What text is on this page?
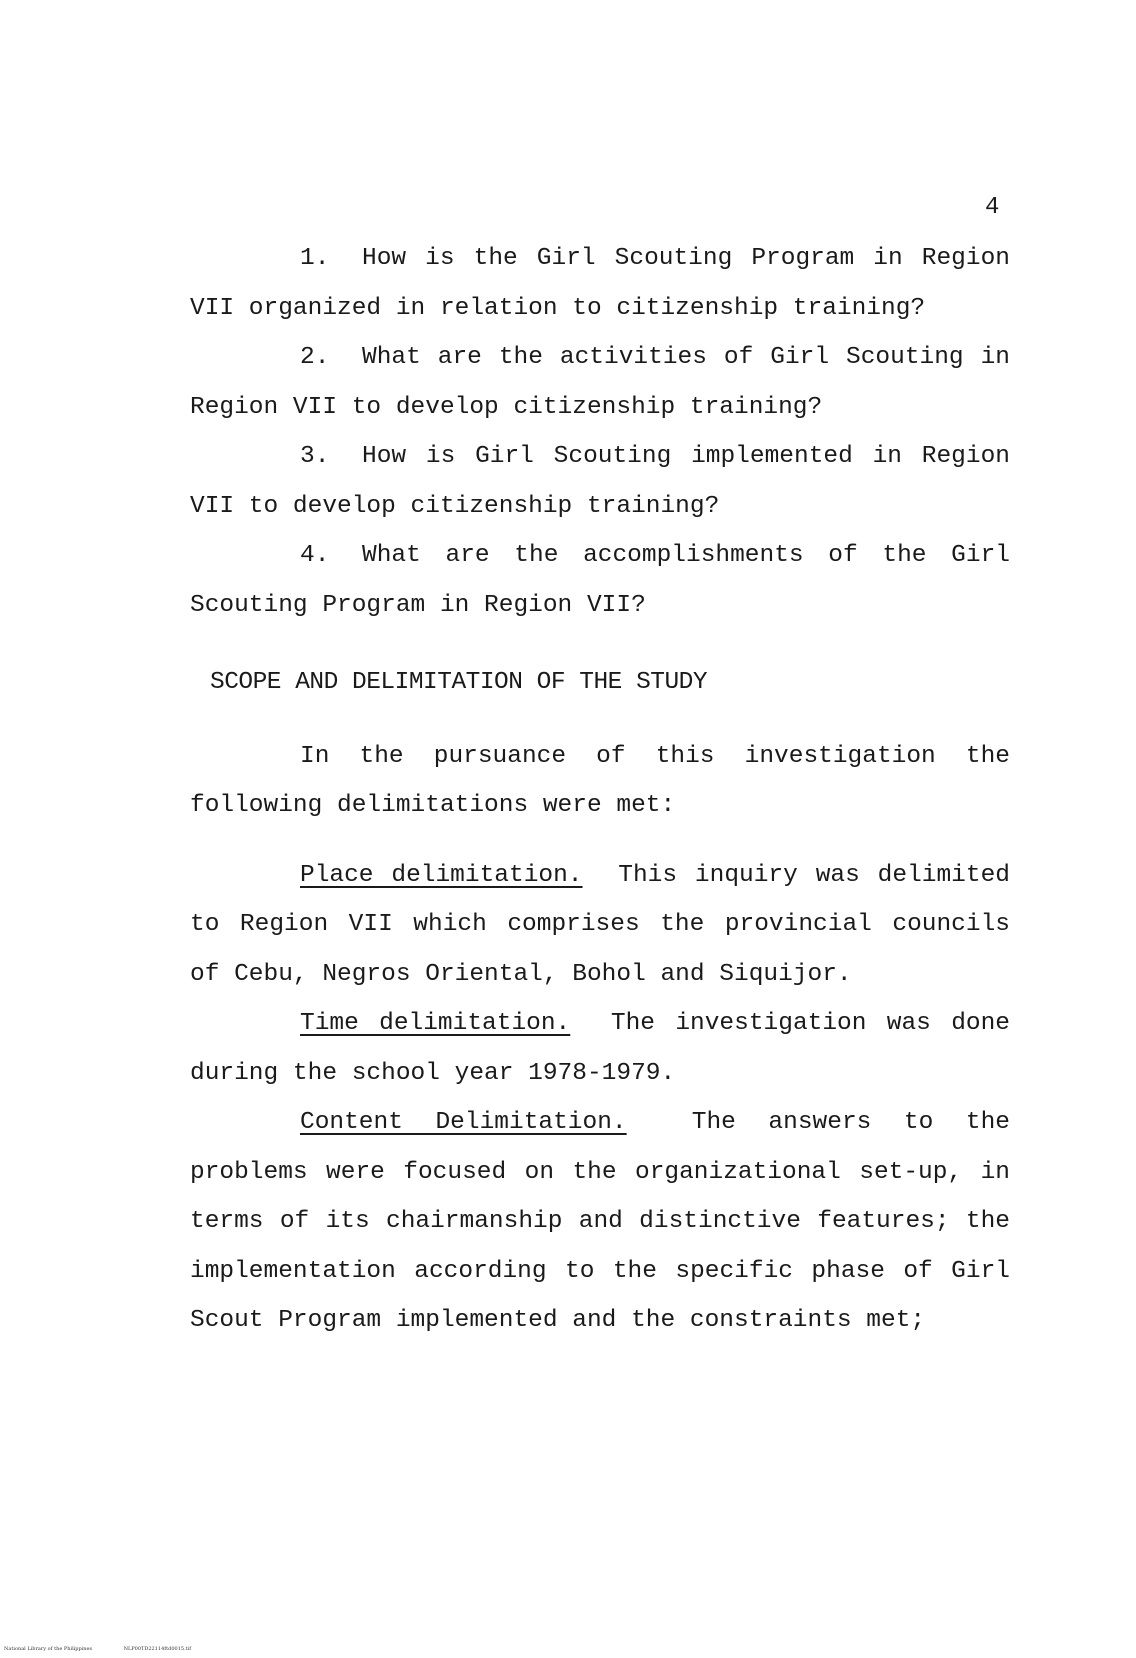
4

1. How is the Girl Scouting Program in Region VII organized in relation to citizenship training?

2. What are the activities of Girl Scouting in Region VII to develop citizenship training?

3. How is Girl Scouting implemented in Region VII to develop citizenship training?

4. What are the accomplishments of the Girl Scouting Program in Region VII?

SCOPE AND DELIMITATION OF THE STUDY

In the pursuance of this investigation the following delimitations were met:

Place delimitation. This inquiry was delimited to Region VII which comprises the provincial councils of Cebu, Negros Oriental, Bohol and Siquijor.

Time delimitation. The investigation was done during the school year 1978-1979.

Content Delimitation.	The answers to the problems were focused on the organizational set-up, in terms of its chairmanship and distinctive features; the implementation according to the specific phase of Girl Scout Program implemented and the constraints met;

National Library of the Philippines	NLP00TD22114ftd0015.tif
